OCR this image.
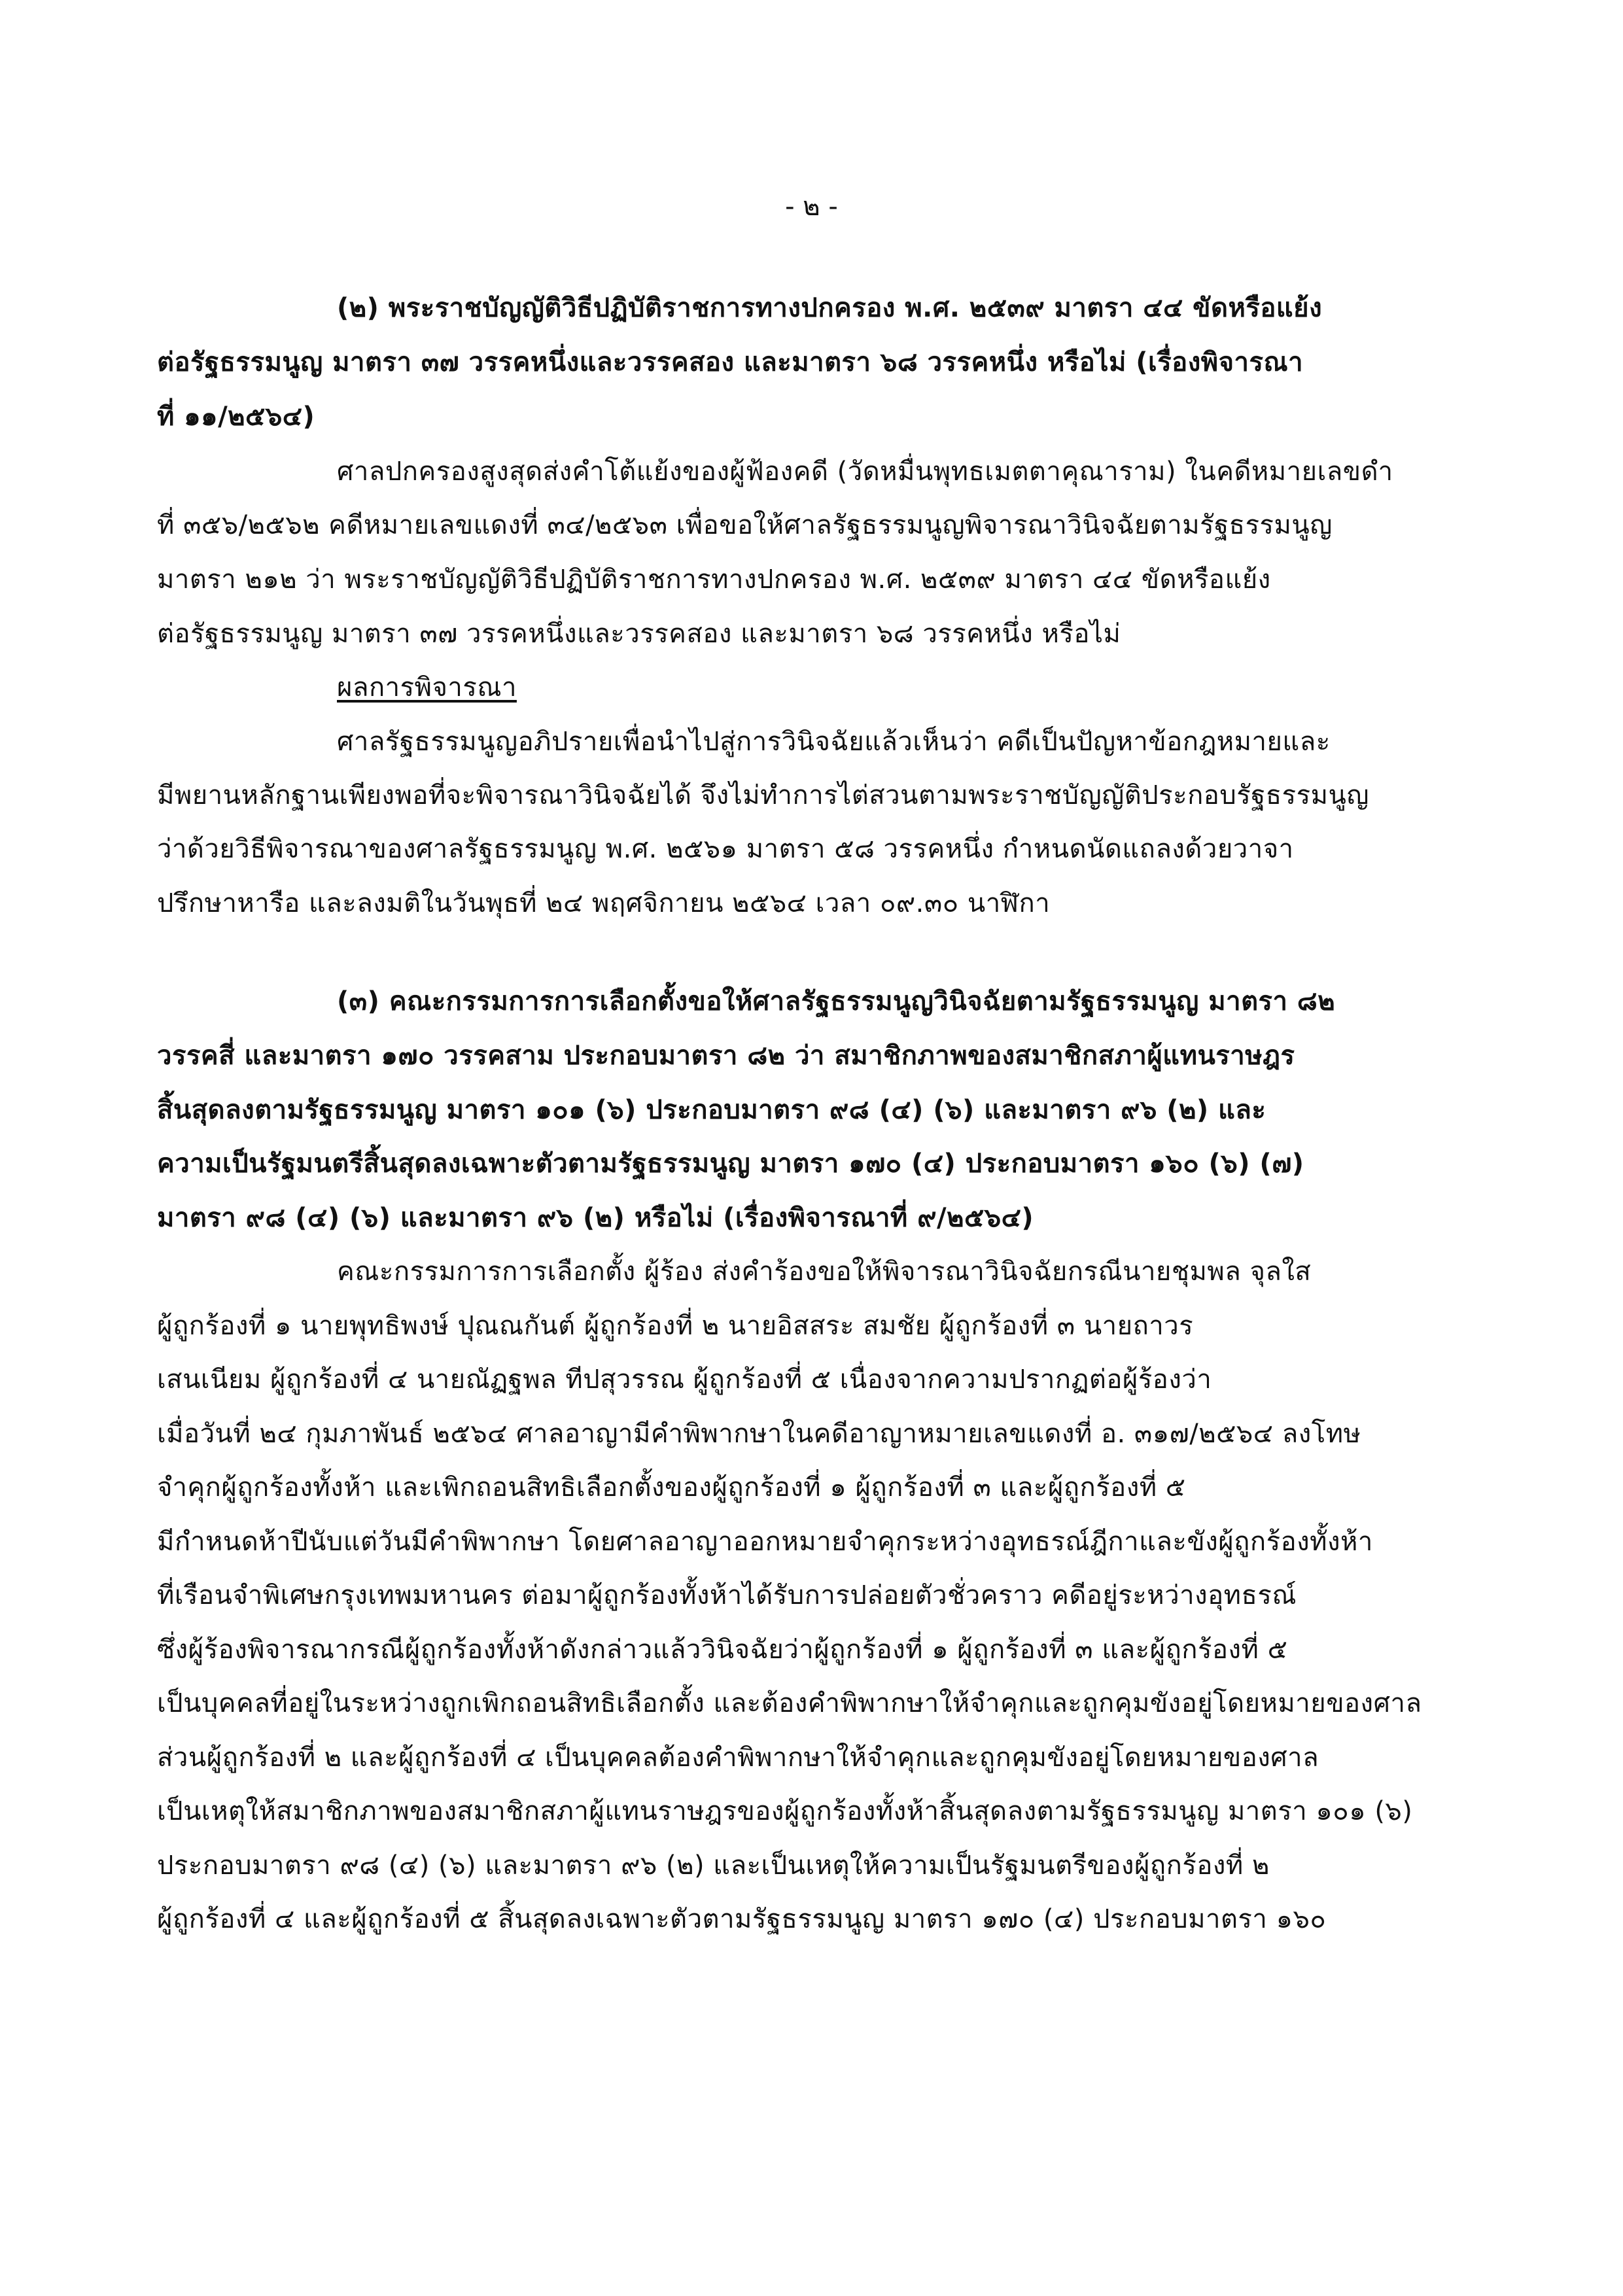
- ๒ -
(๒) พระราชบัญญัติวิธีปฏิบัติราชการทางปกครอง พ.ศ. ๒๕๓๙ มาตรา ๔๔ ขัดหรือแย้ง
ต่อรัฐธรรมนูญ มาตรา ๓๗ วรรคหนึ่งและวรรคสอง และมาตรา ๖๘ วรรคหนึ่ง หรือไม่ (เรื่องพิจารณา
ที่ ๑๑/๒๕๖๔)
ศาลปกครองสูงสุดส่งคำโต้แย้งของผู้ฟ้องคดี (วัดหมื่นพุทธเมตตาคุณาราม) ในคดีหมายเลขดำ
ที่ ๓๕๖/๒๕๖๒ คดีหมายเลขแดงที่ ๓๔/๒๕๖๓ เพื่อขอให้ศาลรัฐธรรมนูญพิจารณาวินิจฉัยตามรัฐธรรมนูญ
มาตรา ๒๑๒ ว่า พระราชบัญญัติวิธีปฏิบัติราชการทางปกครอง พ.ศ. ๒๕๓๙ มาตรา ๔๔ ขัดหรือแย้ง
ต่อรัฐธรรมนูญ มาตรา ๓๗ วรรคหนึ่งและวรรคสอง และมาตรา ๖๘ วรรคหนึ่ง หรือไม่
ผลการพิจารณา
ศาลรัฐธรรมนูญอภิปรายเพื่อนำไปสู่การวินิจฉัยแล้วเห็นว่า คดีเป็นปัญหาข้อกฎหมายและ
มีพยานหลักฐานเพียงพอที่จะพิจารณาวินิจฉัยได้ จึงไม่ทำการไต่สวนตามพระราชบัญญัติประกอบรัฐธรรมนูญ
ว่าด้วยวิธีพิจารณาของศาลรัฐธรรมนูญ พ.ศ. ๒๕๖๑ มาตรา ๕๘ วรรคหนึ่ง กำหนดนัดแถลงด้วยวาจา
ปรึกษาหารือ และลงมติในวันพุธที่ ๒๔ พฤศจิกายน ๒๕๖๔ เวลา ๐๙.๓๐ นาฬิกา
(๓) คณะกรรมการการเลือกตั้งขอให้ศาลรัฐธรรมนูญวินิจฉัยตามรัฐธรรมนูญ มาตรา ๘๒
วรรคสี่ และมาตรา ๑๗๐ วรรคสาม ประกอบมาตรา ๘๒ ว่า สมาชิกภาพของสมาชิกสภาผู้แทนราษฎร
สิ้นสุดลงตามรัฐธรรมนูญ มาตรา ๑๐๑ (๖) ประกอบมาตรา ๙๘ (๔) (๖) และมาตรา ๙๖ (๒) และ
ความเป็นรัฐมนตรีสิ้นสุดลงเฉพาะตัวตามรัฐธรรมนูญ มาตรา ๑๗๐ (๔) ประกอบมาตรา ๑๖๐ (๖) (๗)
มาตรา ๙๘ (๔) (๖) และมาตรา ๙๖ (๒) หรือไม่ (เรื่องพิจารณาที่ ๙/๒๕๖๔)
คณะกรรมการการเลือกตั้ง ผู้ร้อง ส่งคำร้องขอให้พิจารณาวินิจฉัยกรณีนายชุมพล จุลใส
ผู้ถูกร้องที่ ๑ นายพุทธิพงษ์ ปุณณกันต์ ผู้ถูกร้องที่ ๒ นายอิสสระ สมชัย ผู้ถูกร้องที่ ๓ นายถาวร
เสนเนียม ผู้ถูกร้องที่ ๔ นายณัฏฐพล ทีปสุวรรณ ผู้ถูกร้องที่ ๕ เนื่องจากความปรากฏต่อผู้ร้องว่า
เมื่อวันที่ ๒๔ กุมภาพันธ์ ๒๕๖๔ ศาลอาญามีคำพิพากษาในคดีอาญาหมายเลขแดงที่ อ. ๓๑๗/๒๕๖๔ ลงโทษ
จำคุกผู้ถูกร้องทั้งห้า และเพิกถอนสิทธิเลือกตั้งของผู้ถูกร้องที่ ๑ ผู้ถูกร้องที่ ๓ และผู้ถูกร้องที่ ๕
มีกำหนดห้าปีนับแต่วันมีคำพิพากษา โดยศาลอาญาออกหมายจำคุกระหว่างอุทธรณ์ฎีกาและขังผู้ถูกร้องทั้งห้า
ที่เรือนจำพิเศษกรุงเทพมหานคร ต่อมาผู้ถูกร้องทั้งห้าได้รับการปล่อยตัวชั่วคราว คดีอยู่ระหว่างอุทธรณ์
ซึ่งผู้ร้องพิจารณากรณีผู้ถูกร้องทั้งห้าดังกล่าวแล้ววินิจฉัยว่าผู้ถูกร้องที่ ๑ ผู้ถูกร้องที่ ๓ และผู้ถูกร้องที่ ๕
เป็นบุคคลที่อยู่ในระหว่างถูกเพิกถอนสิทธิเลือกตั้ง และต้องคำพิพากษาให้จำคุกและถูกคุมขังอยู่โดยหมายของศาล
ส่วนผู้ถูกร้องที่ ๒ และผู้ถูกร้องที่ ๔ เป็นบุคคลต้องคำพิพากษาให้จำคุกและถูกคุมขังอยู่โดยหมายของศาล
เป็นเหตุให้สมาชิกภาพของสมาชิกสภาผู้แทนราษฎรของผู้ถูกร้องทั้งห้าสิ้นสุดลงตามรัฐธรรมนูญ มาตรา ๑๐๑ (๖)
ประกอบมาตรา ๙๘ (๔) (๖) และมาตรา ๙๖ (๒) และเป็นเหตุให้ความเป็นรัฐมนตรีของผู้ถูกร้องที่ ๒
ผู้ถูกร้องที่ ๔ และผู้ถูกร้องที่ ๕ สิ้นสุดลงเฉพาะตัวตามรัฐธรรมนูญ มาตรา ๑๗๐ (๔) ประกอบมาตรา ๑๖๐
